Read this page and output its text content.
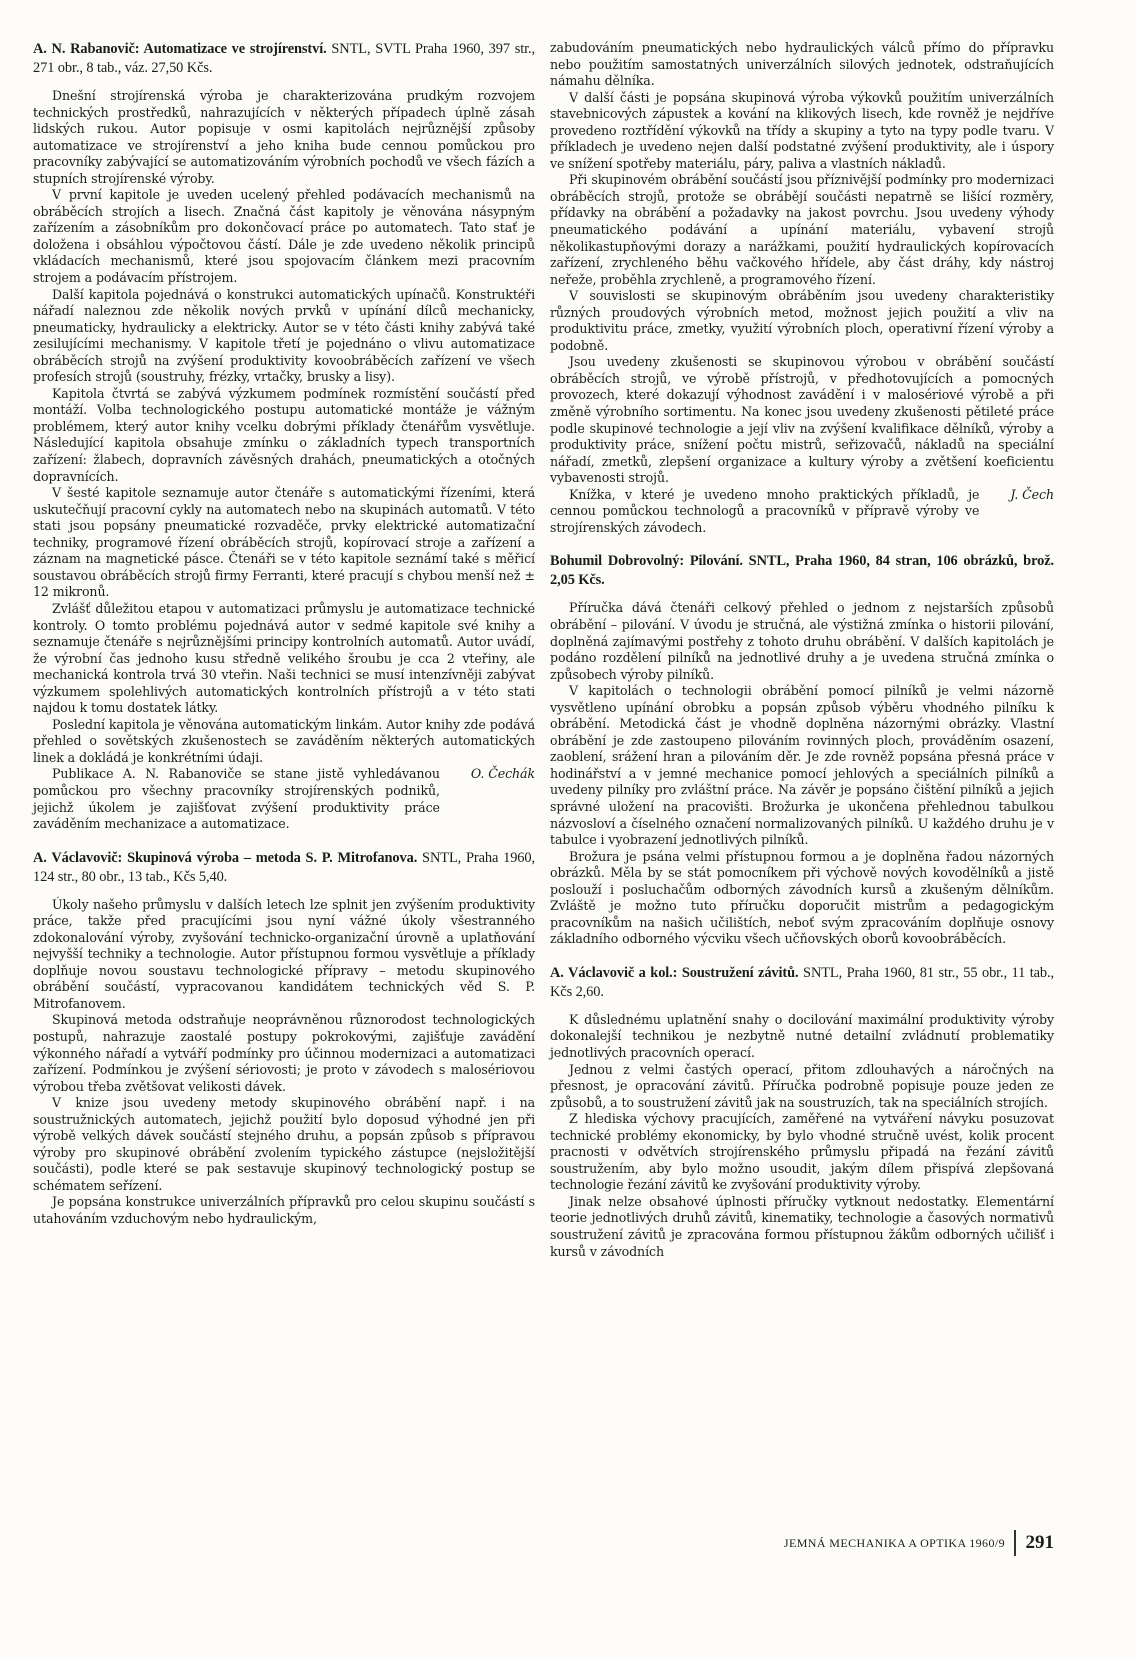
A. N. Rabanovič: Automatizace ve strojírenství. SNTL, SVTL Praha 1960, 397 str., 271 obr., 8 tab., váz. 27,50 Kčs.

Dnešní strojírenská výroba je charakterizována prudkým rozvojem technických prostředků, nahrazujících v některých případech úplně zásah lidských rukou. Autor popisuje v osmi kapitolách nejrůznější způsoby automatizace ve strojírenství a jeho kniha bude cennou pomůckou pro pracovníky zabývající se automatizováním výrobních pochodů ve všech fázích a stupních strojírenské výroby.

V první kapitole je uveden ucelený přehled podávacích mechanismů na obráběcích strojích a lisech. Značná část kapitoly je věnována násypným zařízením a zásobníkům pro dokončovací práce po automatech. Tato stať je doložena i obsáhlou výpočtovou částí. Dále je zde uvedeno několik principů vkládacích mechanismů, které jsou spojovacím článkem mezi pracovním strojem a podávacím přístrojem.

Další kapitola pojednává o konstrukci automatických upínačů. Konstruktéři nářadí naleznou zde několik nových prvků v upínání dílců mechanicky, pneumaticky, hydraulicky a elektricky. Autor se v této části knihy zabývá také zesilujícími mechanismy. V kapitole třetí je pojednáno o vlivu automatizace obráběcích strojů na zvýšení produktivity kovoobráběcích zařízení ve všech profesích strojů (soustruhy, frézky, vrtačky, brusky a lisy).

Kapitola čtvrtá se zabývá výzkumem podmínek rozmístění součástí před montáží. Volba technologického postupu automatické montáže je vážným problémem, který autor knihy vcelku dobrými příklady čtenářům vysvětluje. Následující kapitola obsahuje zmínku o základních typech transportních zařízení: žlabech, dopravních závěsných drahách, pneumatických a otočných dopravnících.

V šesté kapitole seznamuje autor čtenáře s automatickými řízeními, která uskutečňují pracovní cykly na automatech nebo na skupinách automatů. V této stati jsou popsány pneumatické rozvaděče, prvky elektrické automatizační techniky, programové řízení obráběcích strojů, kopírovací stroje a zařízení a záznam na magnetické pásce. Čtenáři se v této kapitole seznámí také s měřicí soustavou obráběcích strojů firmy Ferranti, které pracují s chybou menší než ± 12 mikronů.

Zvlášť důležitou etapou v automatizaci průmyslu je automatizace technické kontroly. O tomto problému pojednává autor v sedmé kapitole své knihy a seznamuje čtenáře s nejrůznějšími principy kontrolních automatů. Autor uvádí, že výrobní čas jednoho kusu středně velikého šroubu je cca 2 vteřiny, ale mechanická kontrola trvá 30 vteřin. Naši technici se musí intenzívněji zabývat výzkumem spolehlivých automatických kontrolních přístrojů a v této stati najdou k tomu dostatek látky.

Poslední kapitola je věnována automatickým linkám. Autor knihy zde podává přehled o sovětských zkušenostech se zaváděním některých automatických linek a dokládá je konkrétními údaji.

Publikace A. N. Rabanoviče se stane jistě vyhledávanou pomůckou pro všechny pracovníky strojírenských podniků, jejichž úkolem je zajišťovat zvýšení produktivity práce zaváděním mechanizace a automatizace.
O. Čechák

A. Václavovič: Skupinová výroba – metoda S. P. Mitrofanova. SNTL, Praha 1960, 124 str., 80 obr., 13 tab., Kčs 5,40.

Úkoly našeho průmyslu v dalších letech lze splnit jen zvýšením produktivity práce, takže před pracujícími jsou nyní vážné úkoly všestranného zdokonalování výroby, zvyšování technicko-organizační úrovně a uplatňování nejvyšší techniky a technologie. Autor přístupnou formou vysvětluje a příklady doplňuje novou soustavu technologické přípravy – metodu skupinového obrábění součástí, vypracovanou kandidátem technických věd S. P. Mitrofanovem.

Skupinová metoda odstraňuje neoprávněnou různorodost technologických postupů, nahrazuje zaostalé postupy pokrokovými, zajišťuje zavádění výkonného nářadí a vytváří podmínky pro účinnou modernizaci a automatizaci zařízení. Podmínkou je zvýšení sériovosti; je proto v závodech s malosériovou výrobou třeba zvětšovat velikosti dávek.

V knize jsou uvedeny metody skupinového obrábění např. i na soustružnických automatech, jejichž použití bylo doposud výhodné jen při výrobě velkých dávek součástí stejného druhu, a popsán způsob s přípravou výroby pro skupinové obrábění zvolením typického zástupce (nejsložitější součásti), podle které se pak sestavuje skupinový technologický postup se schématem seřízení.

Je popsána konstrukce univerzálních přípravků pro celou skupinu součástí s utahováním vzduchovým nebo hydraulickým,

zabudováním pneumatických nebo hydraulických válců přímo do přípravku nebo použitím samostatných univerzálních silových jednotek, odstraňujících námahu dělníka.

V další části je popsána skupinová výroba výkovků použitím univerzálních stavebnicových zápustek a kování na klikových lisech, kde rovněž je nejdříve provedeno roztřídění výkovků na třídy a skupiny a tyto na typy podle tvaru. V příkladech je uvedeno nejen další podstatné zvýšení produktivity, ale i úspory ve snížení spotřeby materiálu, páry, paliva a vlastních nákladů.

Při skupinovém obrábění součástí jsou příznivější podmínky pro modernizaci obráběcích strojů, protože se obrábějí součásti nepatrně se lišící rozměry, přídavky na obrábění a požadavky na jakost povrchu. Jsou uvedeny výhody pneumatického podávání a upínání materiálu, vybavení strojů několikastupňovými dorazy a narážkami, použití hydraulických kopírovacích zařízení, zrychleného běhu vačkového hřídele, aby část dráhy, kdy nástroj neřeže, proběhla zrychleně, a programového řízení.

V souvislosti se skupinovým obráběním jsou uvedeny charakteristiky různých proudových výrobních metod, možnost jejich použití a vliv na produktivitu práce, zmetky, využití výrobních ploch, operativní řízení výroby a podobně.

Jsou uvedeny zkušenosti se skupinovou výrobou v obrábění součástí obráběcích strojů, ve výrobě přístrojů, v předhotovujících a pomocných provozech, které dokazují výhodnost zavádění i v malosériové výrobě a při změně výrobního sortimentu. Na konec jsou uvedeny zkušenosti pětileté práce podle skupinové technologie a její vliv na zvýšení kvalifikace dělníků, výroby a produktivity práce, snížení počtu mistrů, seřizovačů, nákladů na speciální nářadí, zmetků, zlepšení organizace a kultury výroby a zvětšení koeficientu vybavenosti strojů.

Knížka, v které je uvedeno mnoho praktických příkladů, je cennou pomůckou technologů a pracovníků v přípravě výroby ve strojírenských závodech.
J. Čech

Bohumil Dobrovolný: Pilování. SNTL, Praha 1960, 84 stran, 106 obrázků, brož. 2,05 Kčs.

Příručka dává čtenáři celkový přehled o jednom z nejstarších způsobů obrábění – pilování. V úvodu je stručná, ale výstižná zmínka o historii pilování, doplněná zajímavými postřehy z tohoto druhu obrábění. V dalších kapitolách je podáno rozdělení pilníků na jednotlivé druhy a je uvedena stručná zmínka o způsobech výroby pilníků.

V kapitolách o technologii obrábění pomocí pilníků je velmi názorně vysvětleno upínání obrobku a popsán způsob výběru vhodného pilníku k obrábění. Metodická část je vhodně doplněna názornými obrázky. Vlastní obrábění je zde zastoupeno pilováním rovinných ploch, prováděním osazení, zaoblení, srážení hran a pilováním děr. Je zde rovněž popsána přesná práce v hodinářství a v jemné mechanice pomocí jehlových a speciálních pilníků a uvedeny pilníky pro zvláštní práce. Na závěr je popsáno čištění pilníků a jejich správné uložení na pracovišti. Brožurka je ukončena přehlednou tabulkou názvosloví a číselného označení normalizovaných pilníků. U každého druhu je v tabulce i vyobrazení jednotlivých pilníků.

Brožura je psána velmi přístupnou formou a je doplněna řadou názorných obrázků. Měla by se stát pomocníkem při výchově nových kovodělníků a jistě poslouží i posluchačům odborných závodních kursů a zkušeným dělníkům. Zvláště je možno tuto příručku doporučit mistrům a pedagogickým pracovníkům na našich učilištích, neboť svým zpracováním doplňuje osnovy základního odborného výcviku všech učňovských oborů kovoobráběcích.

A. Václavovič a kol.: Soustružení závitů. SNTL, Praha 1960, 81 str., 55 obr., 11 tab., Kčs 2,60.

K důslednému uplatnění snahy o docilování maximální produktivity výroby dokonalejší technikou je nezbytně nutné detailní zvládnutí problematiky jednotlivých pracovních operací.

Jednou z velmi častých operací, přitom zdlouhavých a náročných na přesnost, je opracování závitů. Příručka podrobně popisuje pouze jeden ze způsobů, a to soustružení závitů jak na soustruzích, tak na speciálních strojích.

Z hlediska výchovy pracujících, zaměřené na vytváření návyku posuzovat technické problémy ekonomicky, by bylo vhodné stručně uvést, kolik procent pracnosti v odvětvích strojírenského průmyslu připadá na řezání závitů soustružením, aby bylo možno usoudit, jakým dílem přispívá zlepšovaná technologie řezání závitů ke zvyšování produktivity výroby.

Jinak nelze obsahové úplnosti příručky vytknout nedostatky. Elementární teorie jednotlivých druhů závitů, kinematiky, technologie a časových normativů soustružení závitů je zpracována formou přístupnou žákům odborných učilišť i kursů v závodních

JEMNÁ MECHANIKA A OPTIKA 1960/9	291
